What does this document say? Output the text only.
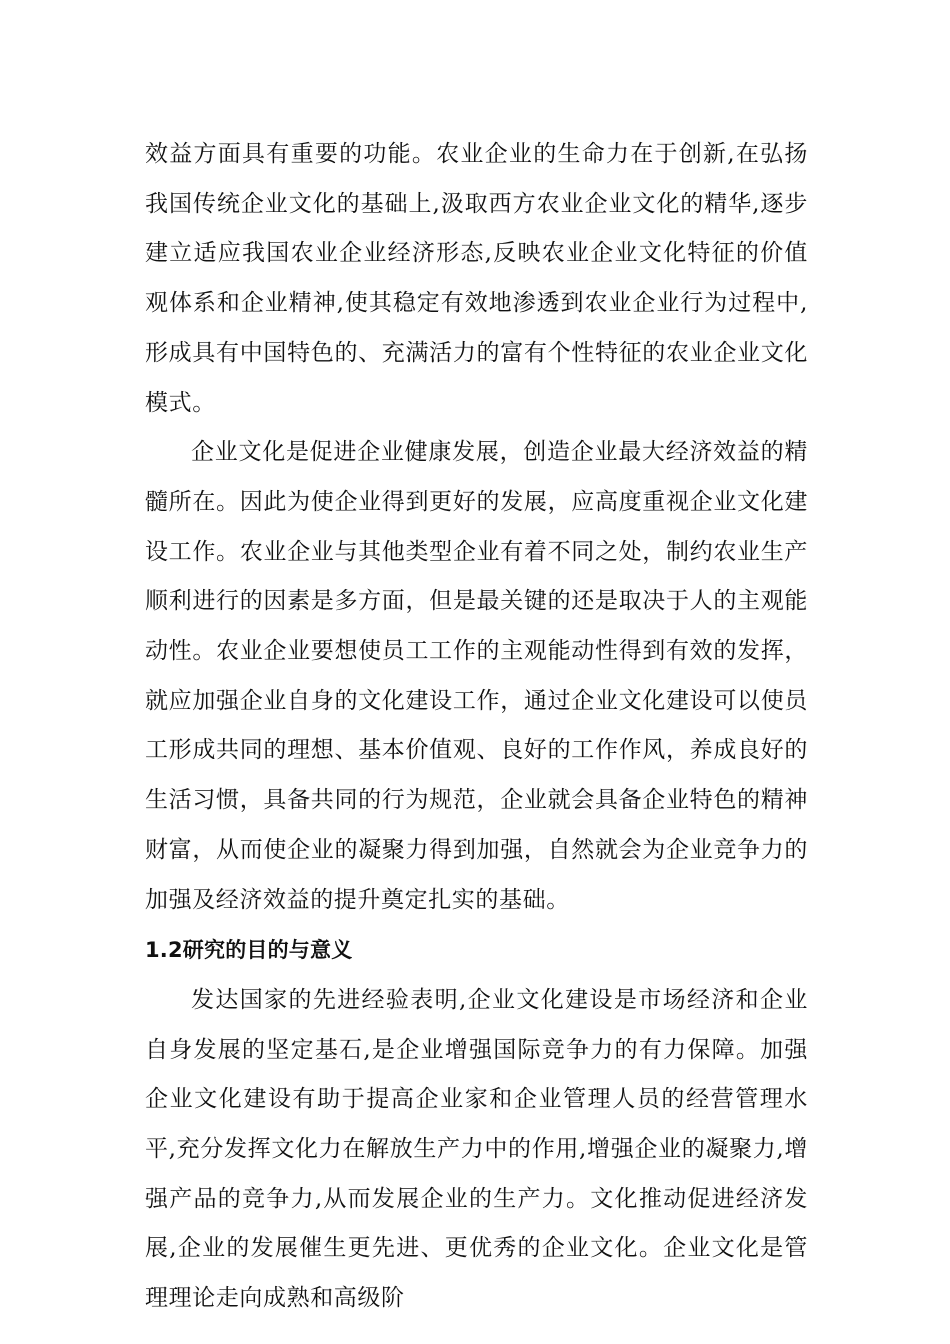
效益方面具有重要的功能。农业企业的生命力在于创新,在弘扬我国传统企业文化的基础上,汲取西方农业企业文化的精华,逐步建立适应我国农业企业经济形态,反映农业企业文化特征的价值观体系和企业精神,使其稳定有效地渗透到农业企业行为过程中,形成具有中国特色的、充满活力的富有个性特征的农业企业文化模式。

企业文化是促进企业健康发展，创造企业最大经济效益的精髓所在。因此为使企业得到更好的发展，应高度重视企业文化建设工作。农业企业与其他类型企业有着不同之处，制约农业生产顺利进行的因素是多方面，但是最关键的还是取决于人的主观能动性。农业企业要想使员工工作的主观能动性得到有效的发挥，就应加强企业自身的文化建设工作，通过企业文化建设可以使员工形成共同的理想、基本价值观、良好的工作作风，养成良好的生活习惯，具备共同的行为规范，企业就会具备企业特色的精神财富，从而使企业的凝聚力得到加强，自然就会为企业竞争力的加强及经济效益的提升奠定扎实的基础。

1.2研究的目的与意义

发达国家的先进经验表明,企业文化建设是市场经济和企业自身发展的坚定基石,是企业增强国际竞争力的有力保障。加强企业文化建设有助于提高企业家和企业管理人员的经营管理水平,充分发挥文化力在解放生产力中的作用,增强企业的凝聚力,增强产品的竞争力,从而发展企业的生产力。文化推动促进经济发展,企业的发展催生更先进、更优秀的企业文化。企业文化是管理理论走向成熟和高级阶
